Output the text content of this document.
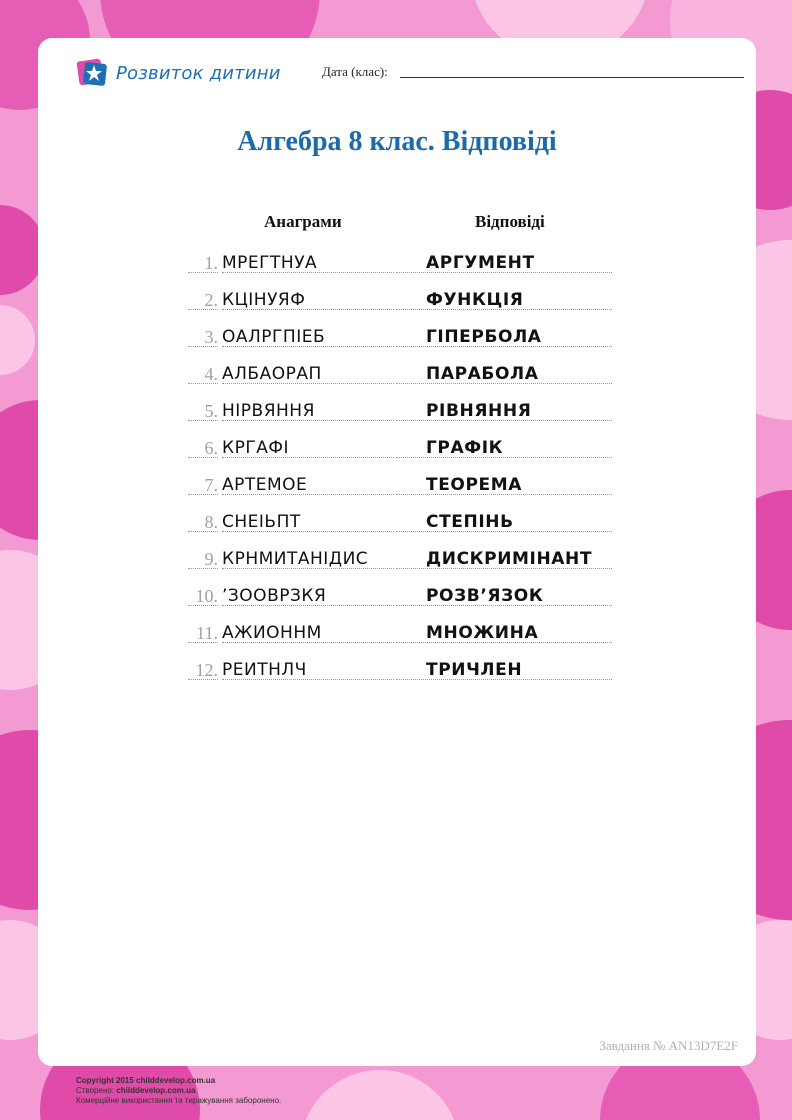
Розвиток дитини	Дата (клас):
Алгебра 8 клас. Відповіді
Анаграми	Відповіді
1. МРЕГТНУА	АРГУМЕНТ
2. КЦІНУЯФ	ФУНКЦІЯ
3. ОАЛРГПІЕБ	ГІПЕРБОЛА
4. АЛБАОРАП	ПАРАБОЛА
5. НІРВЯННЯ	РІВНЯННЯ
6. КРГАФІ	ГРАФІК
7. АРТЕМОЕ	ТЕОРЕМА
8. СНЕІЬПТ	СТЕПІНЬ
9. КРНМИТАНІДИС	ДИСКРИМІНАНТ
10. ’ЗООВРЗКЯ	РОЗВ’ЯЗОК
11. АЖИОННМ	МНОЖИНА
12. РЕИТНЛЧ	ТРИЧЛЕН
Завдання № AN13D7E2F
Copyright 2015 childdevelop.com.ua
Створено: childdevelop.com.ua
Комерційне використання та тиражування заборонено.
